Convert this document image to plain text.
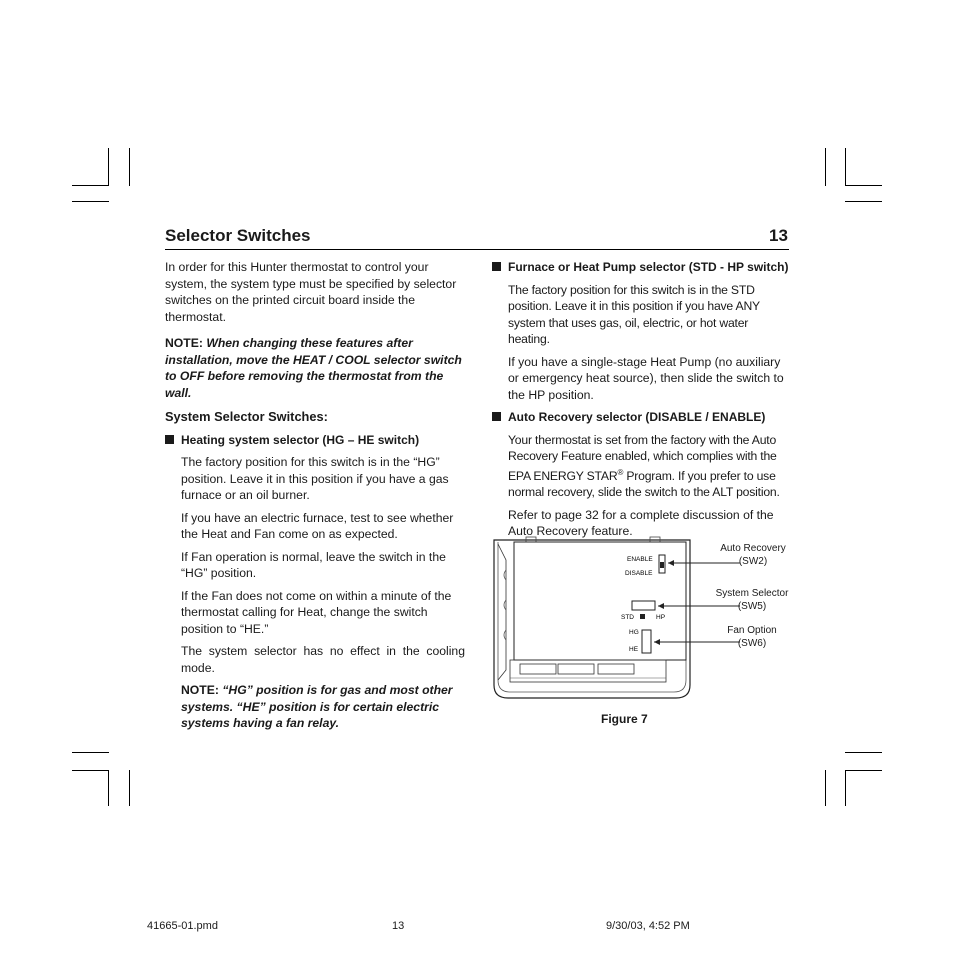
Selector Switches	13

In order for this Hunter thermostat to control your system, the system type must be specified by selector switches on the printed circuit board inside the thermostat.

NOTE: When changing these features after installation, move the HEAT / COOL selector switch to OFF before removing the thermostat from the wall.

System Selector Switches:

Heating system selector (HG – HE switch)

The factory position for this switch is in the “HG” position. Leave it in this position if you have a gas furnace or an oil burner.

If you have an electric furnace, test to see whether the Heat and Fan come on as expected.

If Fan operation is normal, leave the switch in the “HG” position.

If the Fan does not come on within a minute of the thermostat calling for Heat, change the switch position to “HE.”

The system selector has no effect in the cooling mode.

NOTE: “HG” position is for gas and most other systems. “HE” position is for certain electric systems having a fan relay.

Furnace or Heat Pump selector (STD - HP switch)

The factory position for this switch is in the STD position. Leave it in this position if you have ANY system that uses gas, oil, electric, or hot water heating.

If you have a single-stage Heat Pump (no auxiliary or emergency heat source), then slide the switch to the HP position.

Auto Recovery selector (DISABLE / ENABLE)

Your thermostat is set from the factory with the Auto Recovery Feature enabled, which complies with the EPA ENERGY STAR® Program. If you prefer to use normal recovery, slide the switch to the ALT position.

Refer to page 32 for a complete discussion of the Auto Recovery feature.

ENABLE
DISABLE
STD	HP
HG
HE
Auto Recovery
(SW2)
System Selector
(SW5)
Fan Option
(SW6)
Figure 7
41665-01.pmd	13	9/30/03, 4:52 PM
